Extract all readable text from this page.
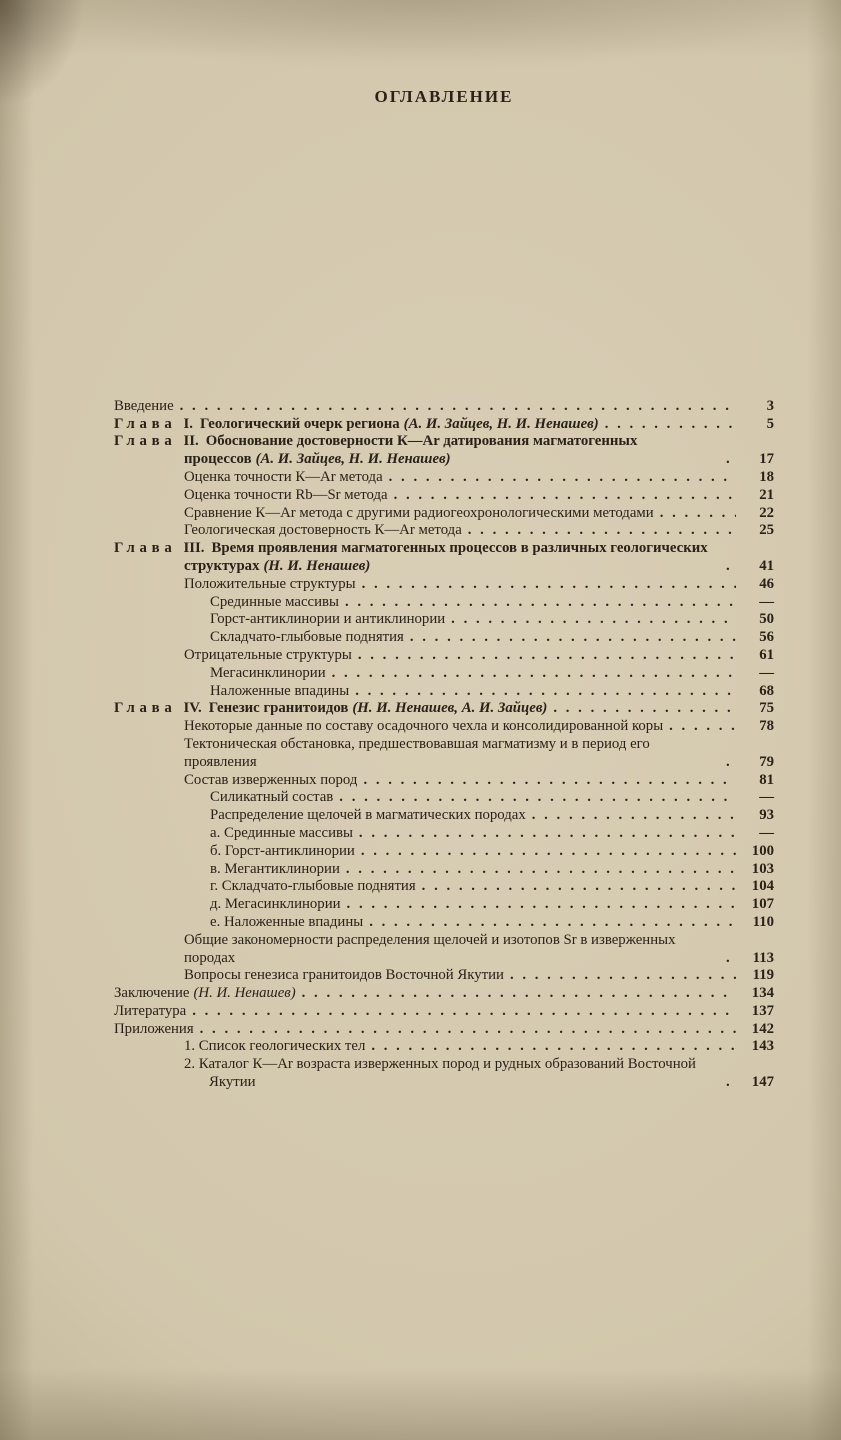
ОГЛАВЛЕНИЕ
Введение . . .	3
Глава I. Геологический очерк региона (А. И. Зайцев, Н. И. Ненашев) . . .	5
Глава II. Обоснование достоверности К—Ar датирования магматогенных процессов (А. И. Зайцев, Н. И. Ненашев) . . .	17
Оценка точности К—Ar метода . . .	18
Оценка точности Rb—Sr метода . . .	21
Сравнение К—Ar метода с другими радиогеохронологическими методами . . .	22
Геологическая достоверность К—Ar метода . . .	25
Глава III. Время проявления магматогенных процессов в различных геологических структурах (Н. И. Ненашев) . . .	41
Положительные структуры . . .	46
Срединные массивы . . .	—
Горст-антиклинории и антиклинории . . .	50
Складчато-глыбовые поднятия . . .	56
Отрицательные структуры . . .	61
Мегасинклинории . . .	—
Наложенные впадины . . .	68
Глава IV. Генезис гранитоидов (Н. И. Ненашев, А. И. Зайцев) . . .	75
Некоторые данные по составу осадочного чехла и консолидированной коры . . .	78
Тектоническая обстановка, предшествовавшая магматизму и в период его проявления . . .	79
Состав изверженных пород . . .	81
Силикатный состав . . .	—
Распределение щелочей в магматических породах . . .	93
а. Срединные массивы . . .	—
б. Горст-антиклинории . . .	100
в. Мегантиклинории . . .	103
г. Складчато-глыбовые поднятия . . .	104
д. Мегасинклинории . . .	107
е. Наложенные впадины . . .	110
Общие закономерности распределения щелочей и изотопов Sr в изверженных породах . . .	113
Вопросы генезиса гранитоидов Восточной Якутии . . .	119
Заключение (Н. И. Ненашев) . . .	134
Литература . . .	137
Приложения . . .	142
1. Список геологических тел . . .	143
2. Каталог К—Ar возраста изверженных пород и рудных образований Восточной Якутии . . .	147
